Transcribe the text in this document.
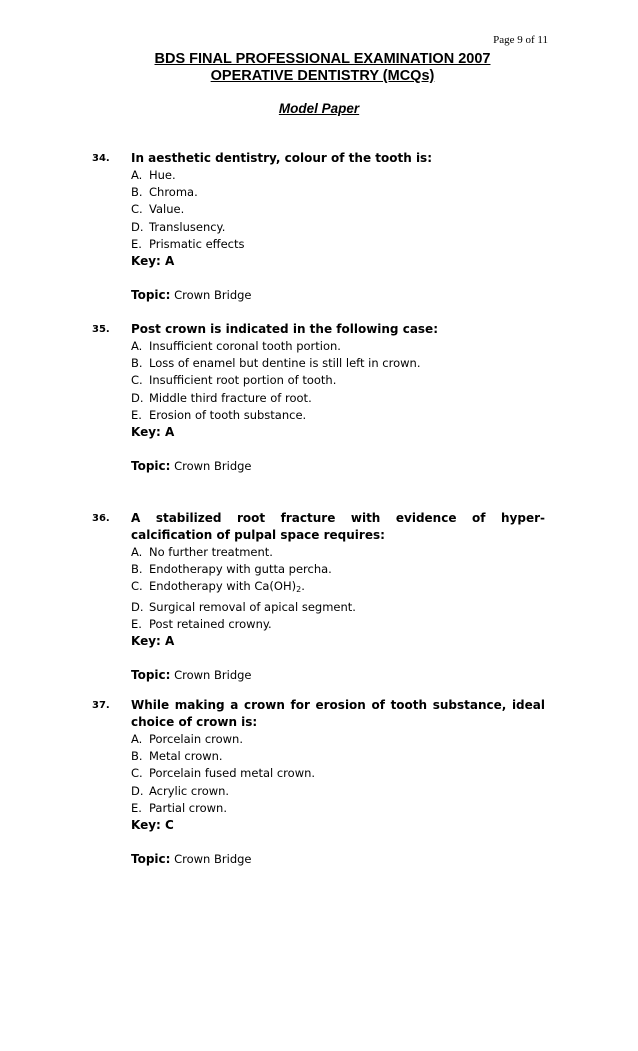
Page 9 of 11
BDS FINAL PROFESSIONAL EXAMINATION 2007
OPERATIVE DENTISTRY (MCQs)
Model Paper
34. In aesthetic dentistry, colour of the tooth is:
A. Hue.
B. Chroma.
C. Value.
D. Translusency.
E. Prismatic effects
Key: A
Topic: Crown Bridge
35. Post crown is indicated in the following case:
A. Insufficient coronal tooth portion.
B. Loss of enamel but dentine is still left in crown.
C. Insufficient root portion of tooth.
D. Middle third fracture of root.
E. Erosion of tooth substance.
Key: A
Topic: Crown Bridge
36. A stabilized root fracture with evidence of hyper-calcification of pulpal space requires:
A. No further treatment.
B. Endotherapy with gutta percha.
C. Endotherapy with $Ca(OH)_2$.
D. Surgical removal of apical segment.
E. Post retained crowny.
Key: A
Topic: Crown Bridge
37. While making a crown for erosion of tooth substance, ideal choice of crown is:
A. Porcelain crown.
B. Metal crown.
C. Porcelain fused metal crown.
D. Acrylic crown.
E. Partial crown.
Key: C
Topic: Crown Bridge
